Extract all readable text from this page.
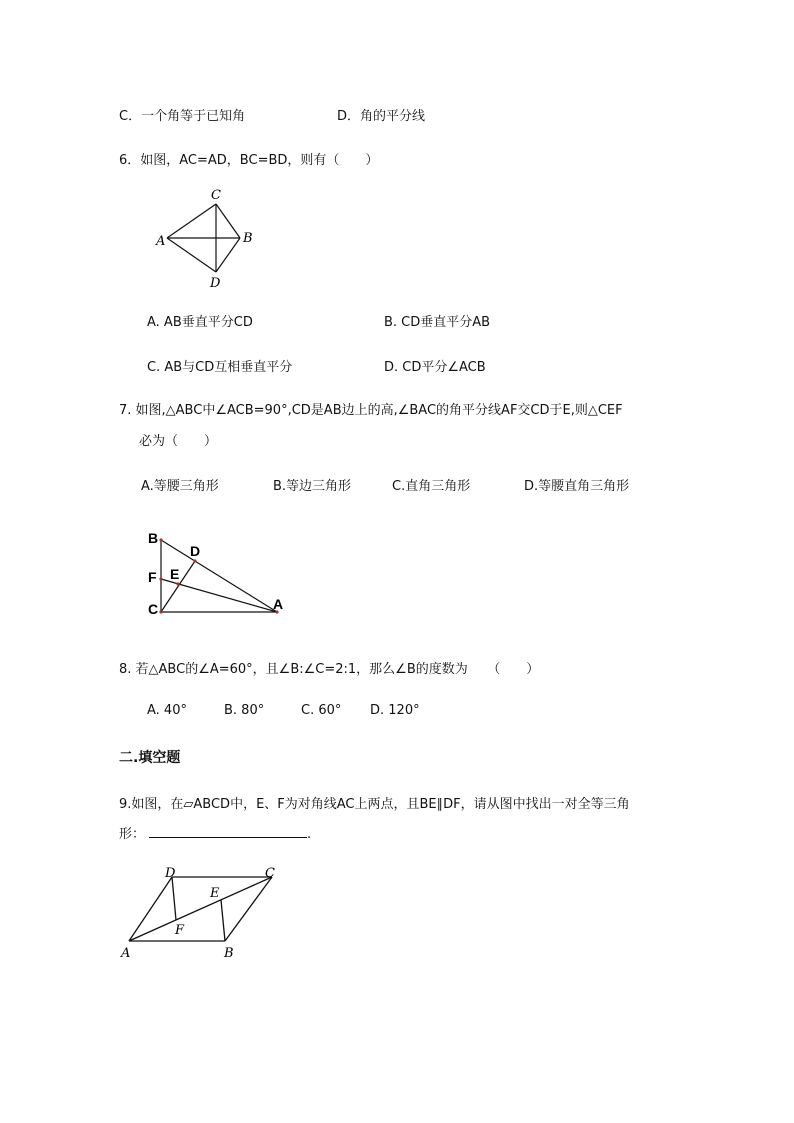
C．一个角等于已知角	D．角的平分线
6．如图，AC=AD，BC=BD，则有（　　）
C
A	B
D
A. AB垂直平分CD	B. CD垂直平分AB
C. AB与CD互相垂直平分	D. CD平分∠ACB
7. 如图,△ABC中∠ACB=90°,CD是AB边上的高,∠BAC的角平分线AF交CD于E,则△CEF
必为（　　）
A.等腰三角形	B.等边三角形	C.直角三角形	D.等腰直角三角形
B
D
F E
C	A
8. 若△ABC的∠A=60°，且∠B:∠C=2:1，那么∠B的度数为　　（　　）
A. 40°	B. 80°	C. 60° D. 120°
二.填空题
9.如图，在▱ABCD中，E、F为对角线AC上两点，且BE∥DF，请从图中找出一对全等三角
形：	.
D	C
E
F
A	B
